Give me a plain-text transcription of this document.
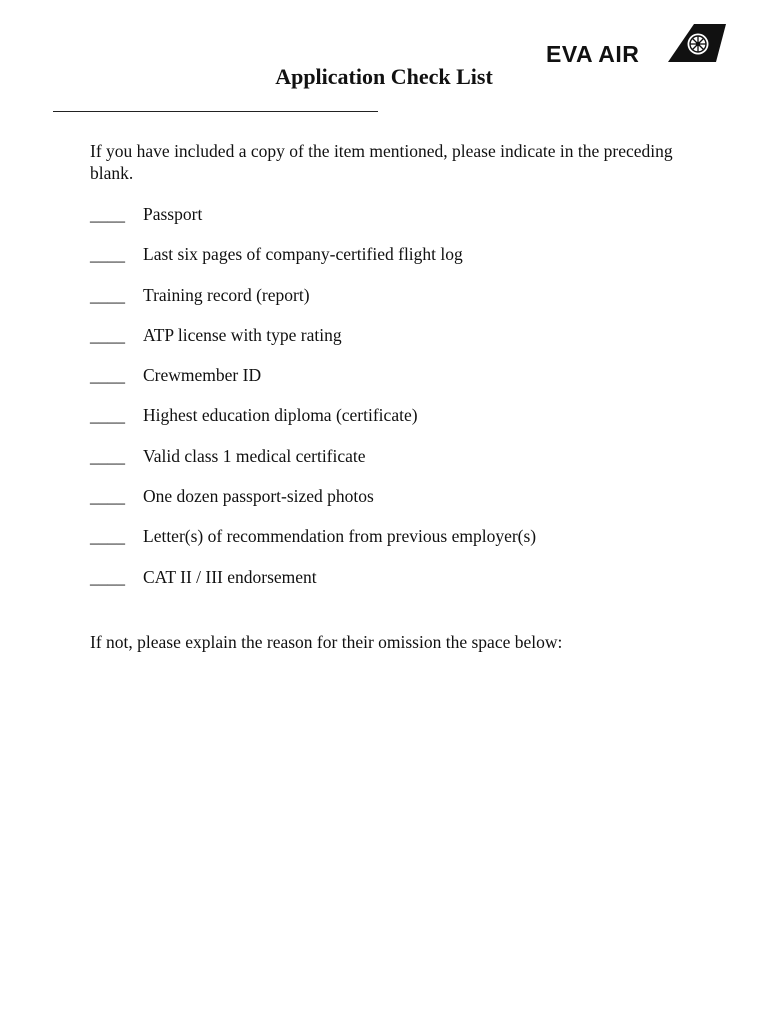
EVA AIR
Application Check List

If you have included a copy of the item mentioned, please indicate in the preceding blank.

____ Passport
____ Last six pages of company-certified flight log
____ Training record (report)
____ ATP license with type rating
____ Crewmember ID
____ Highest education diploma (certificate)
____ Valid class 1 medical certificate
____ One dozen passport-sized photos
____ Letter(s) of recommendation from previous employer(s)
____ CAT II / III endorsement

If not, please explain the reason for their omission the space below:
